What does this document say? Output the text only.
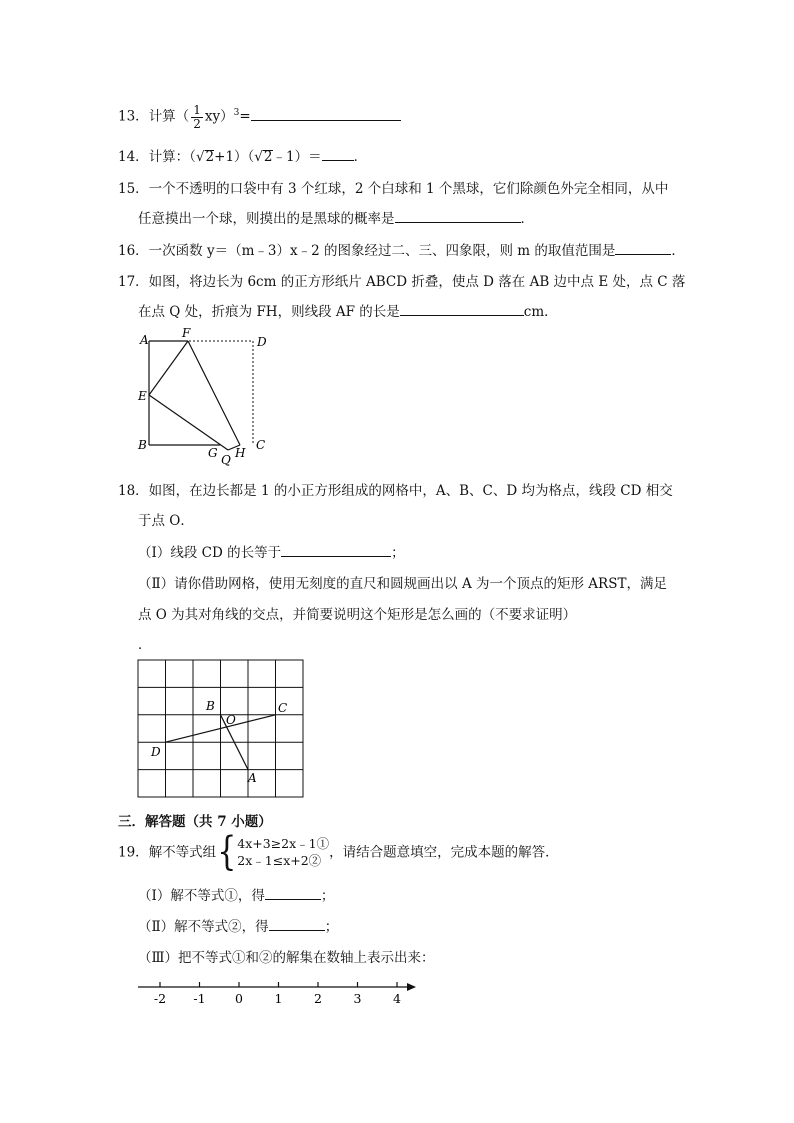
13．计算（ $\frac{1}{2} xy)^3=$
14．计算：（√2+1）（√2﹣1）＝ ．
15．一个不透明的口袋中有 3 个红球，2 个白球和 1 个黑球，它们除颜色外完全相同，从中
任意摸出一个球，则摸出的是黑球的概率是	．
16．一次函数 y＝（m﹣3）x﹣2 的图象经过二、三、四象限，则 m 的取值范围是	．
17．如图，将边长为 6cm 的正方形纸片 ABCD 折叠，使点 D 落在 AB 边中点 E 处，点 C 落
在点 Q 处，折痕为 FH，则线段 AF 的长是	cm．
A	F
D
E
B
G H
C
Q
18．如图，在边长都是 1 的小正方形组成的网格中，A、B、C、D 均为格点，线段 CD 相交
于点 O．
（Ⅰ）线段 CD 的长等于	；
（Ⅱ）请你借助网格，使用无刻度的直尺和圆规画出以 A 为一个顶点的矩形 ARST，满足
点 O 为其对角线的交点，并简要说明这个矩形是怎么画的（不要求证明）
．
B
O
C
D
A
三．解答题（共 7 小题）
19．解不等式组{ 4x+3≥2x﹣1①
2x﹣1≤x+2② ，请结合题意填空，完成本题的解答．
（Ⅰ）解不等式①，得	；
（Ⅱ）解不等式②，得	；
（Ⅲ）把不等式①和②的解集在数轴上表示出来：
-2 -1 0	1	2	3	4
